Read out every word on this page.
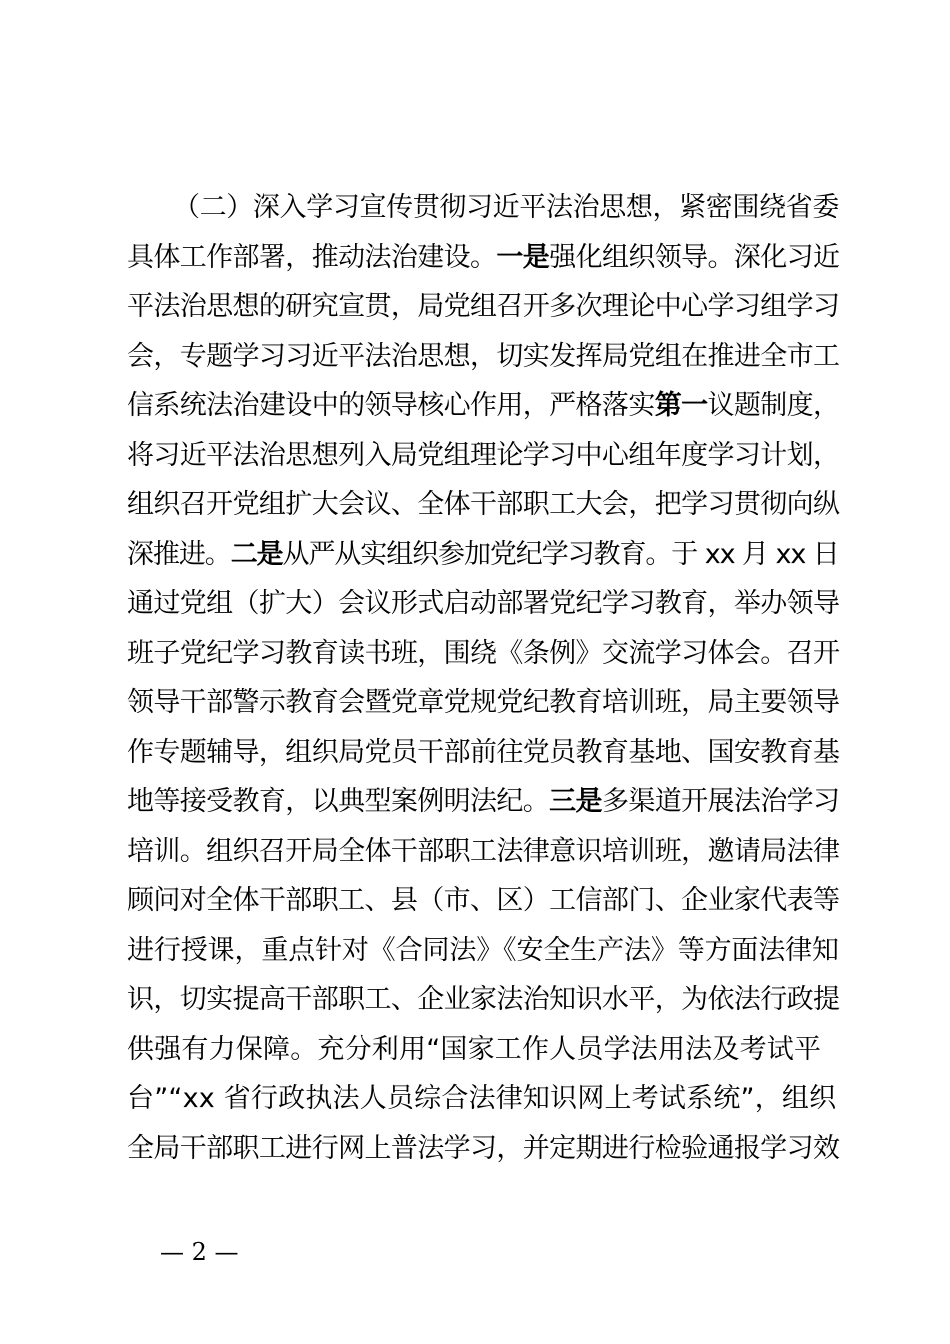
（二）深入学习宣传贯彻习近平法治思想，紧密围绕省委
具体工作部署，推动法治建设。一是强化组织领导。深化习近
平法治思想的研究宣贯，局党组召开多次理论中心学习组学习
会，专题学习习近平法治思想，切实发挥局党组在推进全市工
信系统法治建设中的领导核心作用，严格落实第一议题制度，
将习近平法治思想列入局党组理论学习中心组年度学习计划，
组织召开党组扩大会议、全体干部职工大会，把学习贯彻向纵
深推进。二是从严从实组织参加党纪学习教育。于 xx 月 xx 日
通过党组（扩大）会议形式启动部署党纪学习教育，举办领导
班子党纪学习教育读书班，围绕《条例》交流学习体会。召开
领导干部警示教育会暨党章党规党纪教育培训班，局主要领导
作专题辅导，组织局党员干部前往党员教育基地、国安教育基
地等接受教育，以典型案例明法纪。三是多渠道开展法治学习
培训。组织召开局全体干部职工法律意识培训班，邀请局法律
顾问对全体干部职工、县（市、区）工信部门、企业家代表等
进行授课，重点针对《合同法》《安全生产法》等方面法律知
识，切实提高干部职工、企业家法治知识水平，为依法行政提
供强有力保障。充分利用“国家工作人员学法用法及考试平
台”“xx 省行政执法人员综合法律知识网上考试系统”，组织
全局干部职工进行网上普法学习，并定期进行检验通报学习效
— 2 —
